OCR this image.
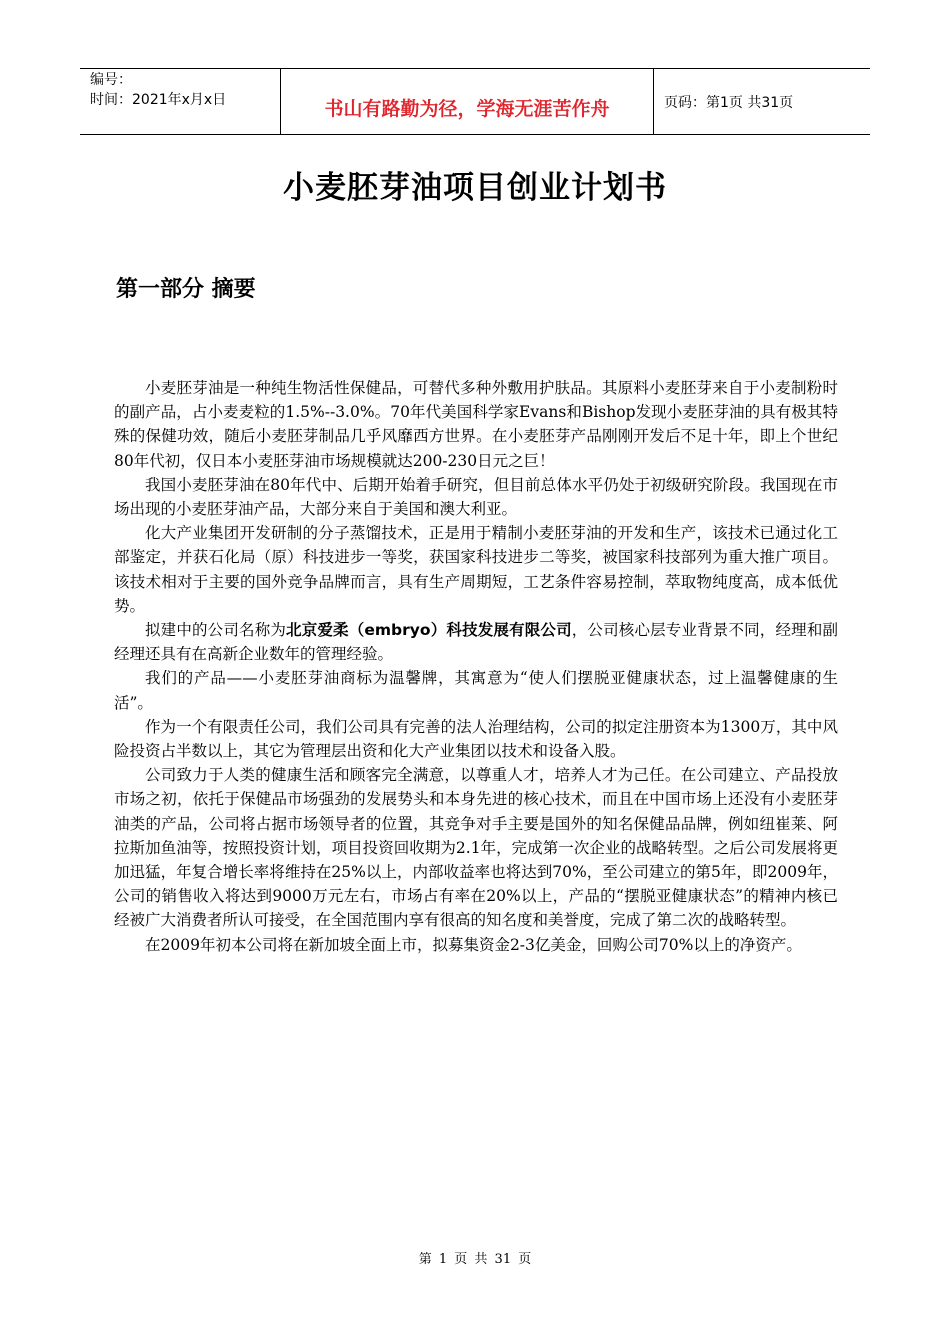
编号：
时间：2021年x月x日	书山有路勤为径，学海无涯苦作舟	页码：第1页 共31页
小麦胚芽油项目创业计划书
第一部分 摘要

小麦胚芽油是一种纯生物活性保健品，可替代多种外敷用护肤品。其原料小麦胚芽来自于小麦制粉时的副产品，占小麦麦粒的1.5%--3.0%。70年代美国科学家Evans和Bishop发现小麦胚芽油的具有极其特殊的保健功效，随后小麦胚芽制品几乎风靡西方世界。在小麦胚芽产品刚刚开发后不足十年，即上个世纪80年代初，仅日本小麦胚芽油市场规模就达200-230日元之巨！

我国小麦胚芽油在80年代中、后期开始着手研究，但目前总体水平仍处于初级研究阶段。我国现在市场出现的小麦胚芽油产品，大部分来自于美国和澳大利亚。

化大产业集团开发研制的分子蒸馏技术，正是用于精制小麦胚芽油的开发和生产，该技术已通过化工部鉴定，并获石化局（原）科技进步一等奖，获国家科技进步二等奖，被国家科技部列为重大推广项目。该技术相对于主要的国外竞争品牌而言，具有生产周期短，工艺条件容易控制，萃取物纯度高，成本低优势。

拟建中的公司名称为北京爱柔（embryo）科技发展有限公司，公司核心层专业背景不同，经理和副经理还具有在高新企业数年的管理经验。

我们的产品——小麦胚芽油商标为温馨牌，其寓意为“使人们摆脱亚健康状态，过上温馨健康的生活”。

作为一个有限责任公司，我们公司具有完善的法人治理结构，公司的拟定注册资本为1300万，其中风险投资占半数以上，其它为管理层出资和化大产业集团以技术和设备入股。

公司致力于人类的健康生活和顾客完全满意，以尊重人才，培养人才为己任。在公司建立、产品投放市场之初，依托于保健品市场强劲的发展势头和本身先进的核心技术，而且在中国市场上还没有小麦胚芽油类的产品，公司将占据市场领导者的位置，其竞争对手主要是国外的知名保健品品牌，例如纽崔莱、阿拉斯加鱼油等，按照投资计划，项目投资回收期为2.1年，完成第一次企业的战略转型。之后公司发展将更加迅猛，年复合增长率将维持在25%以上，内部收益率也将达到70%，至公司建立的第5年，即2009年，公司的销售收入将达到9000万元左右，市场占有率在20%以上，产品的“摆脱亚健康状态”的精神内核已经被广大消费者所认可接受，在全国范围内享有很高的知名度和美誉度，完成了第二次的战略转型。

在2009年初本公司将在新加坡全面上市，拟募集资金2-3亿美金，回购公司70%以上的净资产。

第 1 页 共 31 页
